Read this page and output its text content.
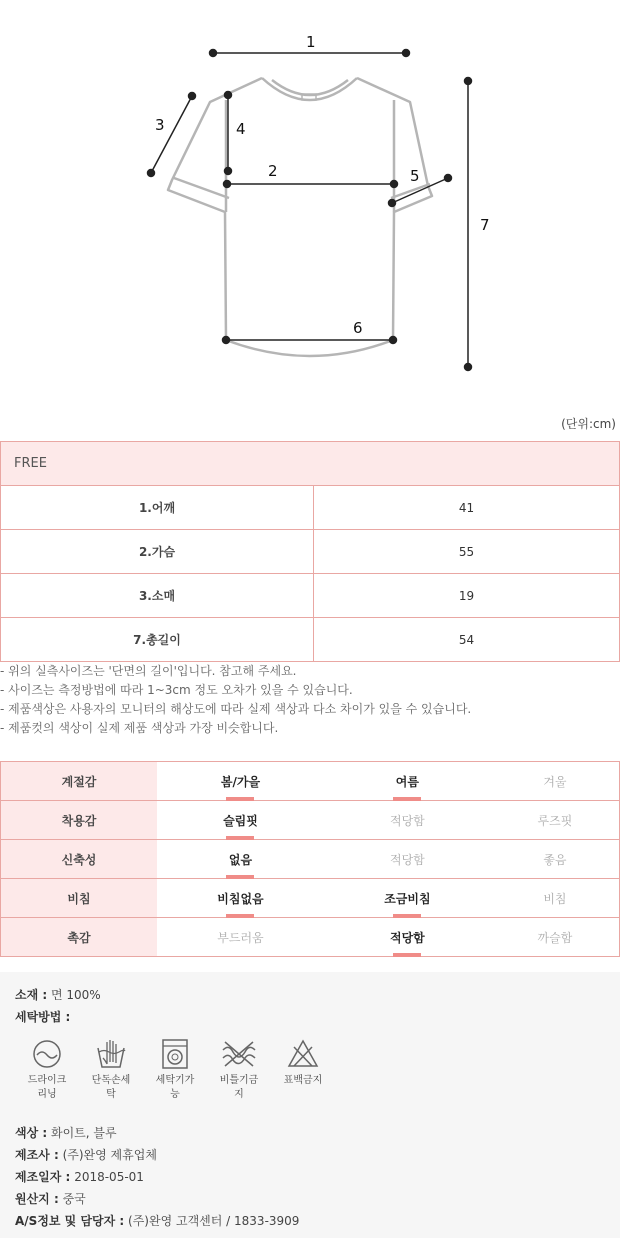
1
2
3	4
5
6
7
(단위:cm)
FREE	
1.어깨	41
2.가슴	55
3.소매	19
7.총길이	54
- 위의 실측사이즈는 '단면의 길이'입니다. 참고해 주세요.
- 사이즈는 측정방법에 따라 1~3cm 정도 오차가 있을 수 있습니다.
- 제품색상은 사용자의 모니터의 해상도에 따라 실제 색상과 다소 차이가 있을 수 있습니다.
- 제품컷의 색상이 실제 제품 색상과 가장 비슷합니다.
계절감	봄/가을	여름	겨울
착용감	슬림핏	적당함	루즈핏
신축성	없음	적당함	좋음
비침	비침없음	조금비침	비침
촉감	부드러움	적당함	까슬함
소재 : 면 100%
세탁방법 :
색상 : 화이트, 블루
제조사 : (주)완영 제휴업체
제조일자 : 2018-05-01
원산지 : 중국
A/S정보 및 담당자 : (주)완영 고객센터 / 1833-3909
드라이크
리닝
단독손세
탁
세탁기가
능
비틀기금
지
표백금지
